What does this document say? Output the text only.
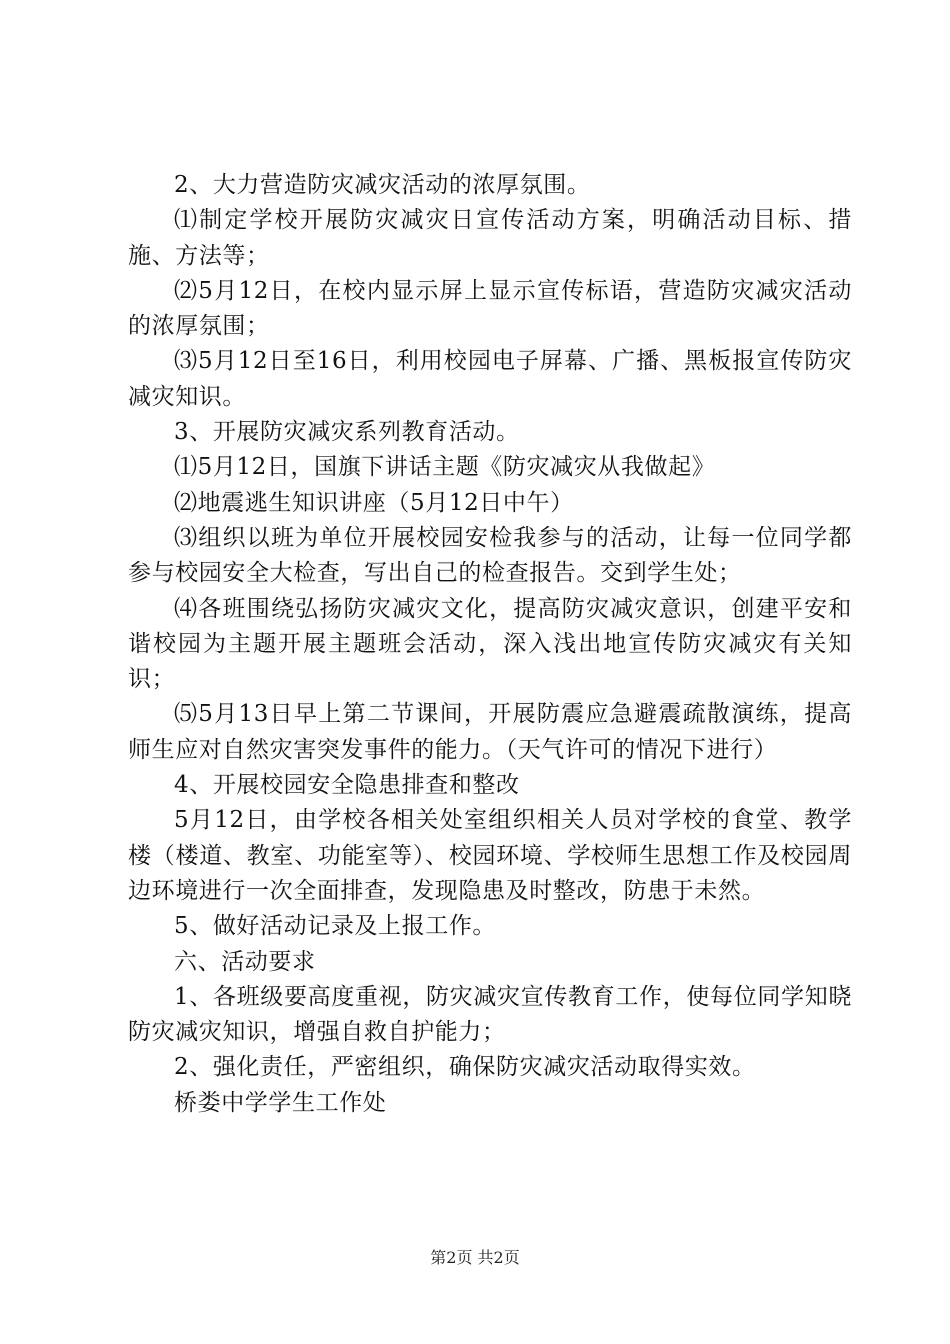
2、大力营造防灾减灾活动的浓厚氛围。

⑴制定学校开展防灾减灾日宣传活动方案，明确活动目标、措施、方法等；

⑵5月12日，在校内显示屏上显示宣传标语，营造防灾减灾活动的浓厚氛围；

⑶5月12日至16日，利用校园电子屏幕、广播、黑板报宣传防灾减灾知识。

3、开展防灾减灾系列教育活动。

⑴5月12日，国旗下讲话主题《防灾减灾从我做起》

⑵地震逃生知识讲座（5月12日中午）

⑶组织以班为单位开展校园安检我参与的活动，让每一位同学都参与校园安全大检查，写出自己的检查报告。交到学生处；

⑷各班围绕弘扬防灾减灾文化，提高防灾减灾意识，创建平安和谐校园为主题开展主题班会活动，深入浅出地宣传防灾减灾有关知识；

⑸5月13日早上第二节课间，开展防震应急避震疏散演练，提高师生应对自然灾害突发事件的能力。（天气许可的情况下进行）

4、开展校园安全隐患排查和整改

5月12日，由学校各相关处室组织相关人员对学校的食堂、教学楼（楼道、教室、功能室等）、校园环境、学校师生思想工作及校园周边环境进行一次全面排查，发现隐患及时整改，防患于未然。

5、做好活动记录及上报工作。

六、活动要求

1、各班级要高度重视，防灾减灾宣传教育工作，使每位同学知晓防灾减灾知识，增强自救自护能力；

2、强化责任，严密组织，确保防灾减灾活动取得实效。

桥娄中学学生工作处

第2页 共2页
